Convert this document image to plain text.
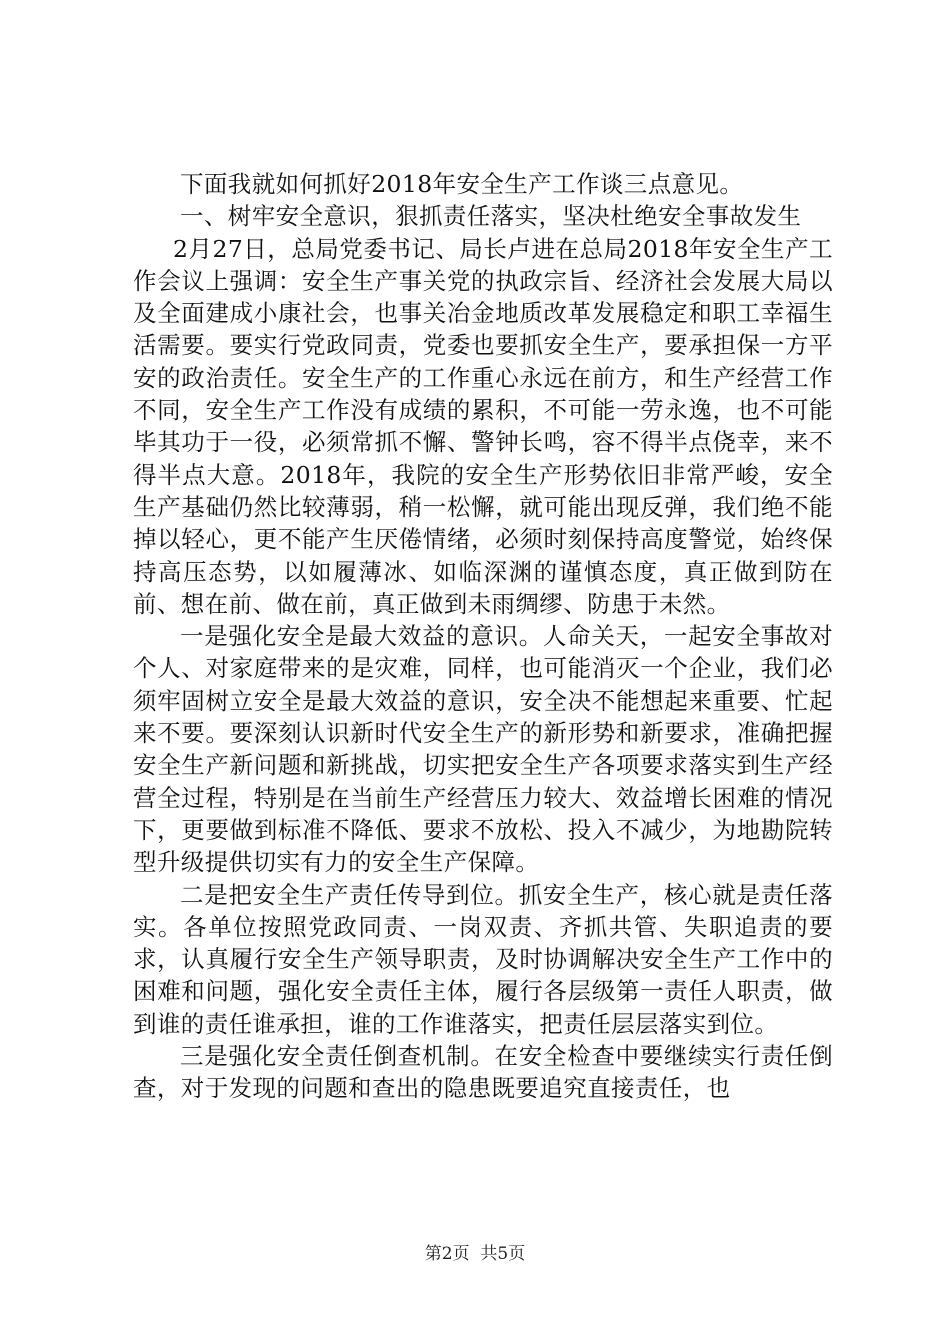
下面我就如何抓好2018年安全生产工作谈三点意见。

一、树牢安全意识，狠抓责任落实，坚决杜绝安全事故发生

2月27日，总局党委书记、局长卢进在总局2018年安全生产工作会议上强调：安全生产事关党的执政宗旨、经济社会发展大局以及全面建成小康社会，也事关冶金地质改革发展稳定和职工幸福生活需要。要实行党政同责，党委也要抓安全生产，要承担保一方平安的政治责任。安全生产的工作重心永远在前方，和生产经营工作不同，安全生产工作没有成绩的累积，不可能一劳永逸，也不可能毕其功于一役，必须常抓不懈、警钟长鸣，容不得半点侥幸，来不得半点大意。2018年，我院的安全生产形势依旧非常严峻，安全生产基础仍然比较薄弱，稍一松懈，就可能出现反弹，我们绝不能掉以轻心，更不能产生厌倦情绪，必须时刻保持高度警觉，始终保持高压态势，以如履薄冰、如临深渊的谨慎态度，真正做到防在前、想在前、做在前，真正做到未雨绸缪、防患于未然。

一是强化安全是最大效益的意识。人命关天，一起安全事故对个人、对家庭带来的是灾难，同样，也可能消灭一个企业，我们必须牢固树立安全是最大效益的意识，安全决不能想起来重要、忙起来不要。要深刻认识新时代安全生产的新形势和新要求，准确把握安全生产新问题和新挑战，切实把安全生产各项要求落实到生产经营全过程，特别是在当前生产经营压力较大、效益增长困难的情况下，更要做到标准不降低、要求不放松、投入不减少，为地勘院转型升级提供切实有力的安全生产保障。

二是把安全生产责任传导到位。抓安全生产，核心就是责任落实。各单位按照党政同责、一岗双责、齐抓共管、失职追责的要求，认真履行安全生产领导职责，及时协调解决安全生产工作中的困难和问题，强化安全责任主体，履行各层级第一责任人职责，做到谁的责任谁承担，谁的工作谁落实，把责任层层落实到位。

三是强化安全责任倒查机制。在安全检查中要继续实行责任倒查，对于发现的问题和查出的隐患既要追究直接责任，也

第2页  共5页
